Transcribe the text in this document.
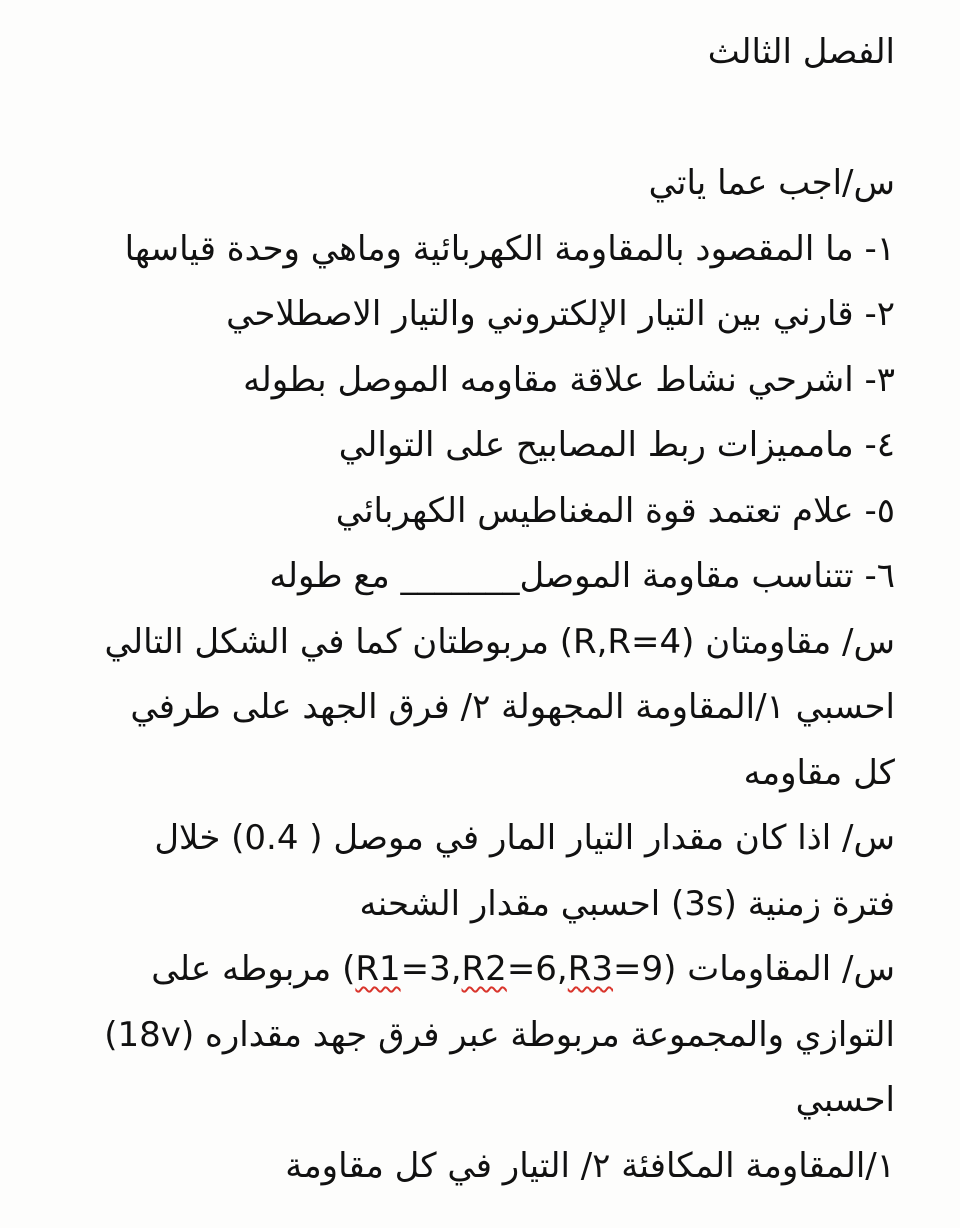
الفصل الثالث
س/اجب عما ياتي
١- ما المقصود بالمقاومة الكهربائية وماهي وحدة قياسها
٢- قارني بين التيار الإلكتروني والتيار الاصطلاحي
٣- اشرحي نشاط علاقة مقاومه الموصل بطوله
٤- مامميزات ربط المصابيح على التوالي
٥- علام تعتمد قوة المغناطيس الكهربائي
٦- تتناسب مقاومة الموصل_______ مع طوله
س/ مقاومتان (R,R=4) مربوطتان كما في الشكل التالي
احسبي ١/المقاومة المجهولة ٢/ فرق الجهد على طرفي
كل مقاومه
س/ اذا كان مقدار التيار المار في موصل ( 0.4) خلال
فترة زمنية (3s) احسبي مقدار الشحنه
س/ المقاومات (R1=3,R2=6,R3=9) مربوطه على
التوازي والمجموعة مربوطة عبر فرق جهد مقداره (18v)
احسبي
١/المقاومة المكافئة ٢/ التيار في كل مقاومة
